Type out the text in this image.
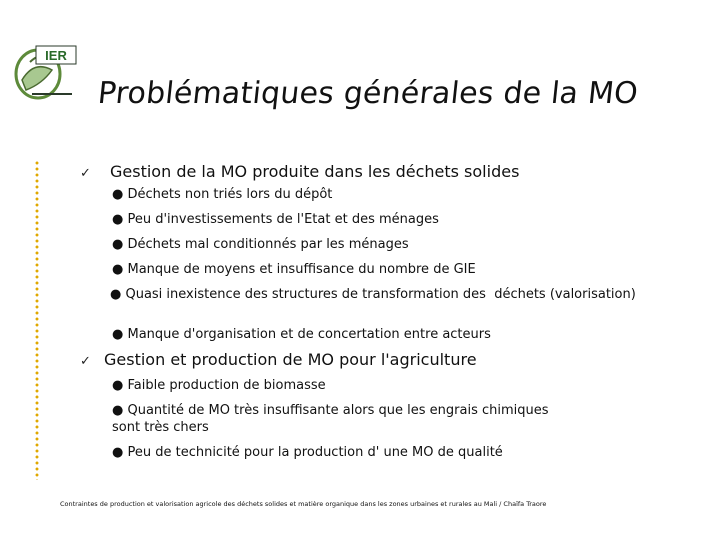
IER
Problématiques générales de la MO
✓ Gestion de la MO produite dans les déchets solides
● Déchets non triés lors du dépôt
● Peu d'investissements de l'Etat et des ménages
● Déchets mal conditionnés par les ménages
● Manque de moyens et insuffisance du nombre de GIE
● Quasi inexistence des structures de transformation des  déchets (valorisation)
● Manque d'organisation et de concertation entre acteurs
✓ Gestion et production de MO pour l'agriculture
● Faible production de biomasse
● Quantité de MO très insuffisante alors que les engrais chimiques sont très chers
● Peu de technicité pour la production d' une MO de qualité
Contraintes de production et valorisation agricole des déchets solides et matière organique dans les zones urbaines et rurales au Mali / Chaïfa Traore
